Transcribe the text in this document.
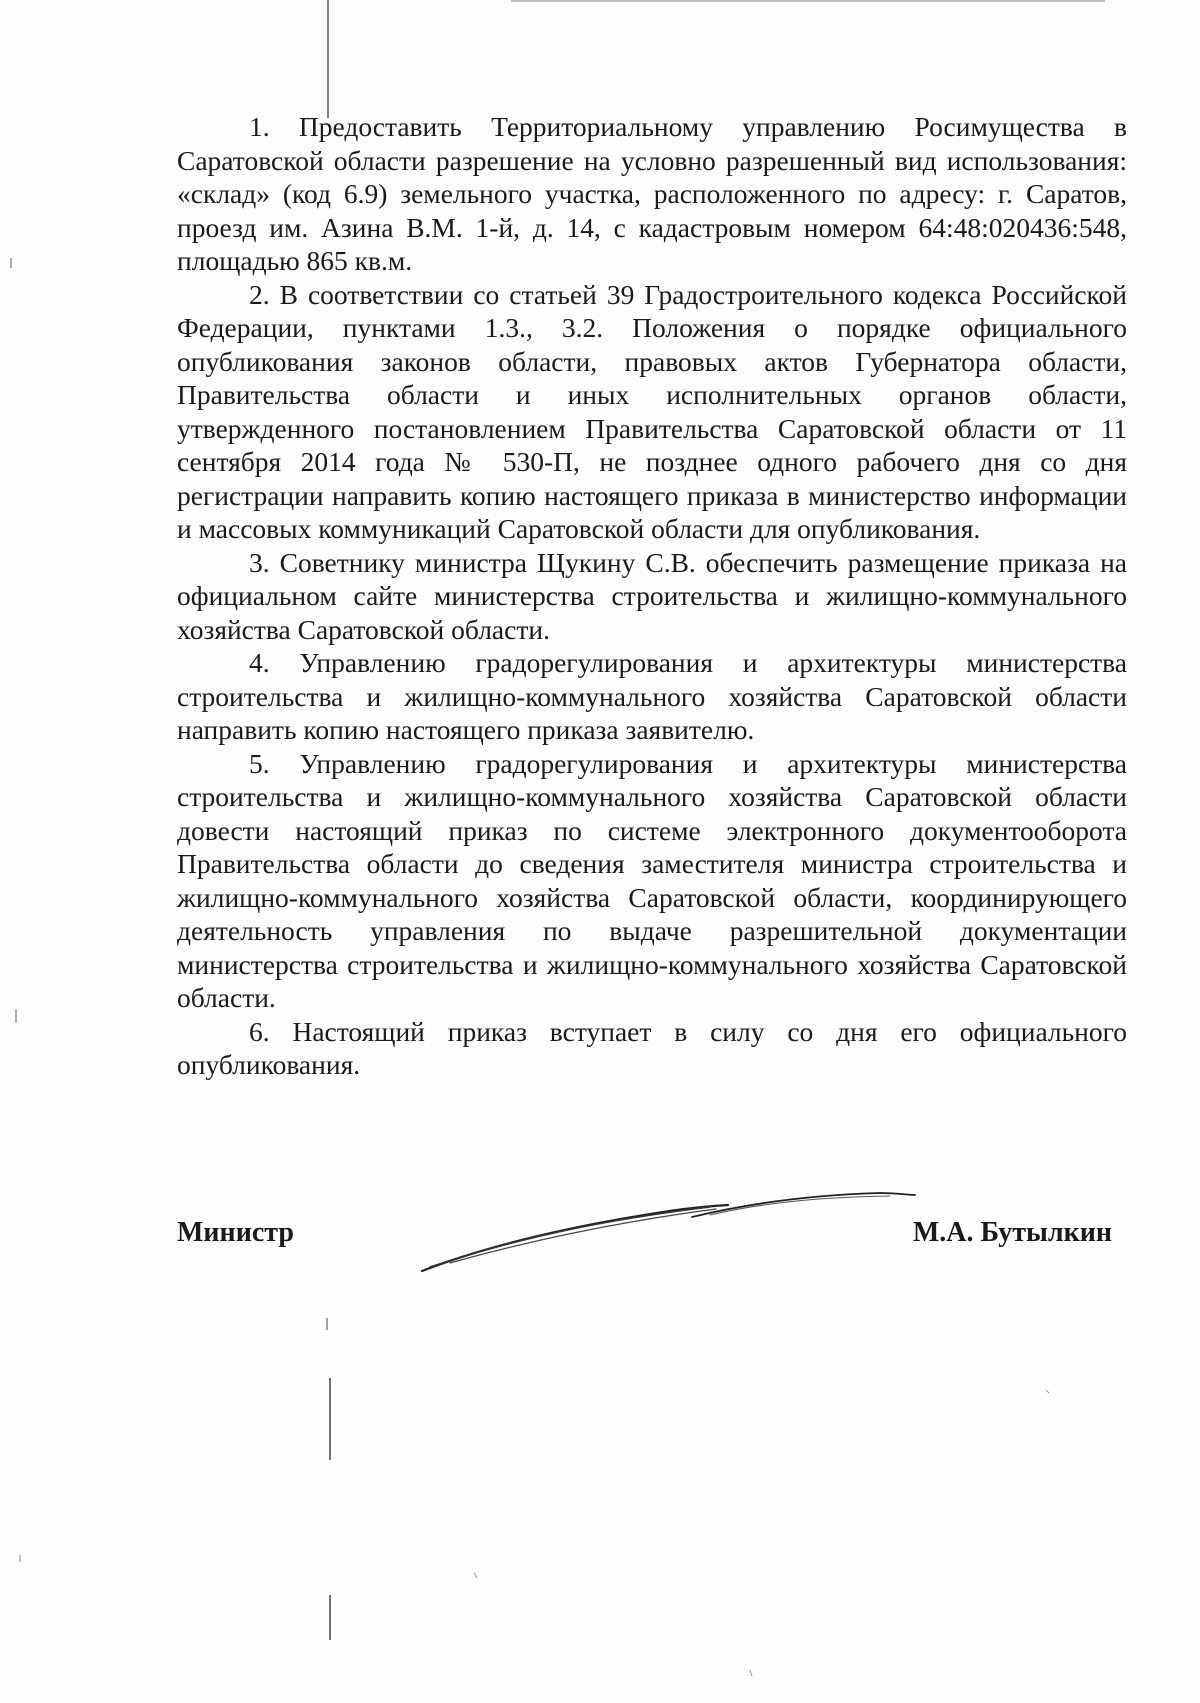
1. Предоставить Территориальному управлению Росимущества в Саратовской области разрешение на условно разрешенный вид использования: «склад» (код 6.9) земельного участка, расположенного по адресу: г. Саратов, проезд им. Азина В.М. 1-й, д. 14, с кадастровым номером 64:48:020436:548, площадью 865 кв.м.

2. В соответствии со статьей 39 Градостроительного кодекса Российской Федерации, пунктами 1.3., 3.2. Положения о порядке официального опубликования законов области, правовых актов Губернатора области, Правительства области и иных исполнительных органов области, утвержденного постановлением Правительства Саратовской области от 11 сентября 2014 года № 530-П, не позднее одного рабочего дня со дня регистрации направить копию настоящего приказа в министерство информации и массовых коммуникаций Саратовской области для опубликования.

3. Советнику министра Щукину С.В. обеспечить размещение приказа на официальном сайте министерства строительства и жилищно-коммунального хозяйства Саратовской области.

4. Управлению градорегулирования и архитектуры министерства строительства и жилищно-коммунального хозяйства Саратовской области направить копию настоящего приказа заявителю.

5. Управлению градорегулирования и архитектуры министерства строительства и жилищно-коммунального хозяйства Саратовской области довести настоящий приказ по системе электронного документооборота Правительства области до сведения заместителя министра строительства и жилищно-коммунального хозяйства Саратовской области, координирующего деятельность управления по выдаче разрешительной документации министерства строительства и жилищно-коммунального хозяйства Саратовской области.

6. Настоящий приказ вступает в силу со дня его официального опубликования.

Министр	М.А. Бутылкин
